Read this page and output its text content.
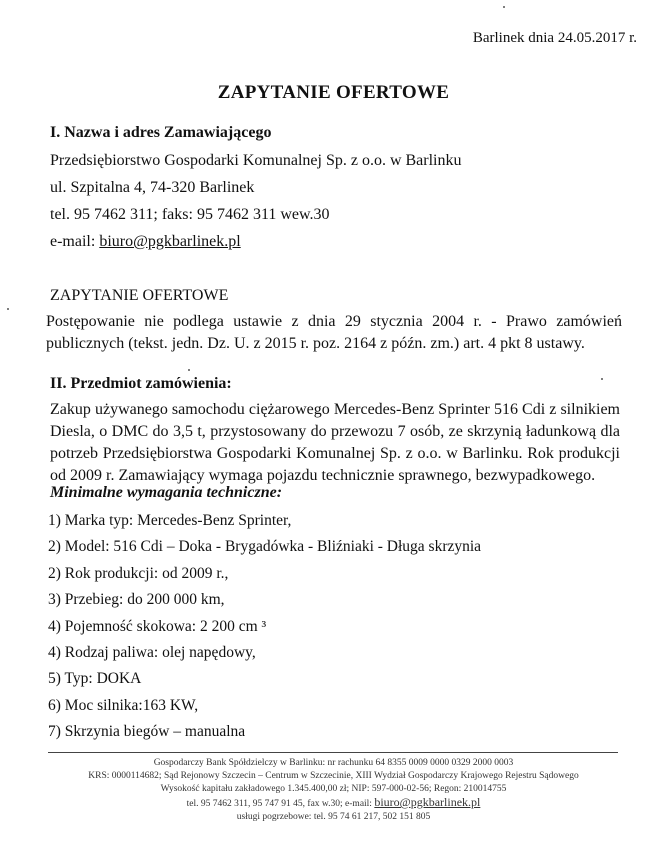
Barlinek dnia 24.05.2017 r.
ZAPYTANIE OFERTOWE
I. Nazwa i adres Zamawiającego
Przedsiębiorstwo Gospodarki Komunalnej Sp. z o.o. w Barlinku
ul. Szpitalna 4, 74-320 Barlinek
tel. 95 7462 311; faks: 95 7462 311 wew.30
e-mail: biuro@pgkbarlinek.pl
ZAPYTANIE OFERTOWE
Postępowanie nie podlega ustawie z dnia 29 stycznia 2004 r. - Prawo zamówień publicznych (tekst. jedn. Dz. U. z 2015 r. poz. 2164 z późn. zm.) art. 4 pkt 8 ustawy.
II. Przedmiot zamówienia:
Zakup używanego samochodu ciężarowego Mercedes-Benz Sprinter 516 Cdi z silnikiem Diesla, o DMC do 3,5 t, przystosowany do przewozu 7 osób, ze skrzynią ładunkową dla potrzeb Przedsiębiorstwa Gospodarki Komunalnej Sp. z o.o. w Barlinku. Rok produkcji od 2009 r. Zamawiający wymaga pojazdu technicznie sprawnego, bezwypadkowego.
Minimalne wymagania techniczne:
1) Marka typ: Mercedes-Benz Sprinter,
2) Model: 516 Cdi – Doka - Brygadówka - Bliźniaki - Długa skrzynia
2) Rok produkcji: od 2009 r.,
3) Przebieg: do 200 000 km,
4) Pojemność skokowa: 2 200 cm ³
4) Rodzaj paliwa: olej napędowy,
5) Typ: DOKA
6) Moc silnika:163 KW,
7) Skrzynia biegów – manualna
Gospodarczy Bank Spółdzielczy w Barlinku: nr rachunku 64 8355 0009 0000 0329 2000 0003
KRS: 0000114682; Sąd Rejonowy Szczecin – Centrum w Szczecinie, XIII Wydział Gospodarczy Krajowego Rejestru Sądowego
Wysokość kapitału zakładowego 1.345.400,00 zł; NIP: 597-000-02-56; Regon: 210014755
tel. 95 7462 311, 95 747 91 45, fax w.30; e-mail: biuro@pgkbarlinek.pl
usługi pogrzebowe: tel. 95 74 61 217, 502 151 805
